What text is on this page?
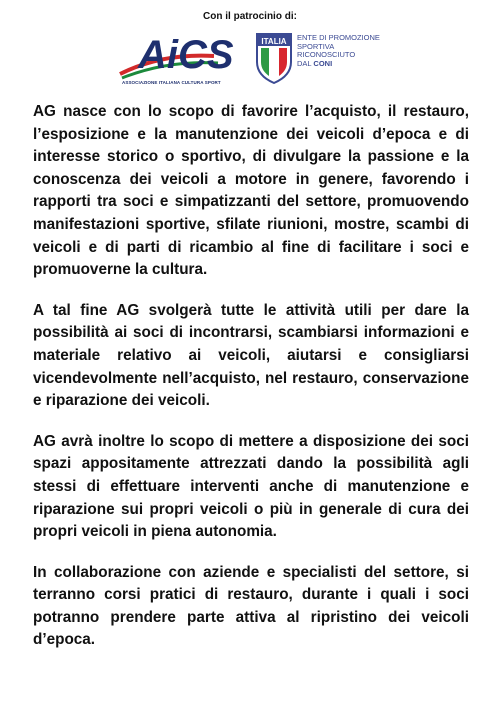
Con il patrocinio di:
AiCS
ASSOCIAZIONE ITALIANA CULTURA SPORT
ITALIA ENTE DI PROMOZIONE
SPORTIVA
RICONOSCIUTO
DAL CONI

AG nasce con lo scopo di favorire l’acquisto, il restauro, l’esposizione e la manutenzione dei veicoli d’epoca e di interesse storico o sportivo, di divulgare la passione e la conoscenza dei veicoli a motore in genere, favorendo i rapporti tra soci e simpatizzanti del settore, promuovendo manifestazioni sportive, sfilate riunioni, mostre, scambi di veicoli e di parti di ricambio al fine di facilitare i soci e promuoverne la cultura.

A tal fine AG svolgerà tutte le attività utili per dare la possibilità ai soci di incontrarsi, scambiarsi informazioni e materiale relativo ai veicoli, aiutarsi e consigliarsi vicendevolmente nell’acquisto, nel restauro, conservazione e riparazione dei veicoli.

AG avrà inoltre lo scopo di mettere a disposizione dei soci spazi appositamente attrezzati dando la possibilità agli stessi di effettuare interventi anche di manutenzione e riparazione sui propri veicoli o più in generale di cura dei propri veicoli in piena autonomia.

In collaborazione con aziende e specialisti del settore, si terranno corsi pratici di restauro, durante i quali i soci potranno prendere parte attiva al ripristino dei veicoli d’epoca.
